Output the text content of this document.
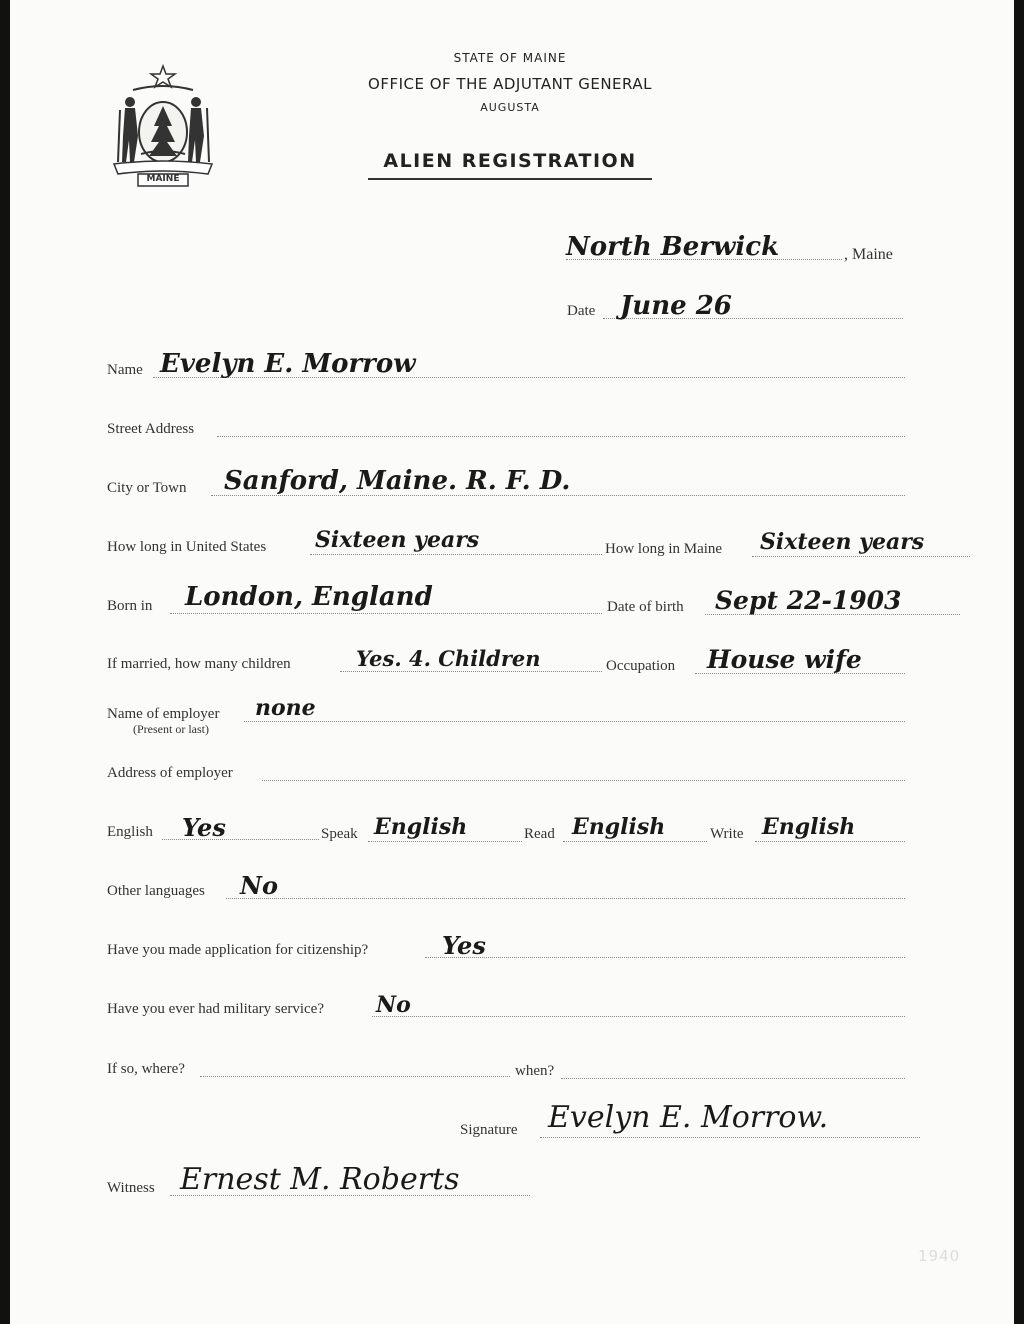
MAINE
STATE OF MAINE
OFFICE OF THE ADJUTANT GENERAL
AUGUSTA
ALIEN REGISTRATION
North Berwick	, Maine
Date June 26
Name Evelyn E. Morrow
Street Address
City or Town Sanford, Maine. R. F. D.
How long in United States Sixteen years	How long in Maine Sixteen years
Born in London, England	Date of birth Sept 22-1903
If married, how many children	Yes. 4. Children	Occupation House wife
Name of employer
(Present or last)
none
Address of employer
English Yes	Speak English	Read English	Write English
Other languages No
Have you made application for citizenship?	Yes
Have you ever had military service? No
If so, where?	when?
Signature Evelyn E. Morrow.
Witness Ernest M. Roberts
1940
